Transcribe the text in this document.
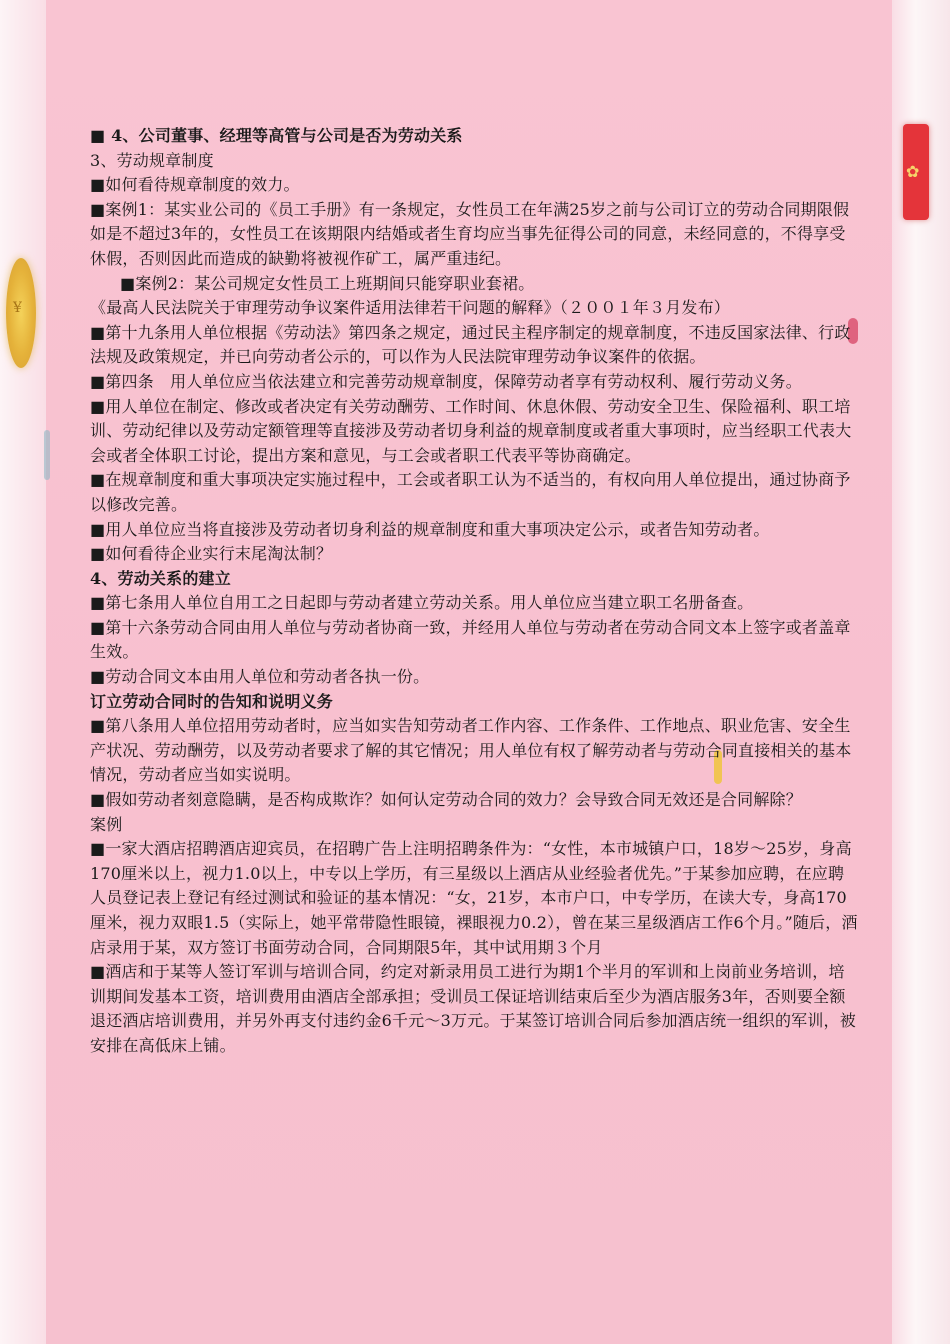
✿
¥

■ 4、公司董事、经理等高管与公司是否为劳动关系

3、劳动规章制度

■如何看待规章制度的效力。

■案例1：某实业公司的《员工手册》有一条规定，女性员工在年满25岁之前与公司订立的劳动合同期限假如是不超过3年的，女性员工在该期限内结婚或者生育均应当事先征得公司的同意，未经同意的，不得享受休假，否则因此而造成的缺勤将被视作矿工，属严重违纪。

■案例2：某公司规定女性员工上班期间只能穿职业套裙。

《最高人民法院关于审理劳动争议案件适用法律若干问题的解释》（２００１年３月发布）

■第十九条用人单位根据《劳动法》第四条之规定，通过民主程序制定的规章制度，不违反国家法律、行政法规及政策规定，并已向劳动者公示的，可以作为人民法院审理劳动争议案件的依据。

■第四条　用人单位应当依法建立和完善劳动规章制度，保障劳动者享有劳动权利、履行劳动义务。

■用人单位在制定、修改或者决定有关劳动酬劳、工作时间、休息休假、劳动安全卫生、保险福利、职工培训、劳动纪律以及劳动定额管理等直接涉及劳动者切身利益的规章制度或者重大事项时，应当经职工代表大会或者全体职工讨论，提出方案和意见，与工会或者职工代表平等协商确定。

■在规章制度和重大事项决定实施过程中，工会或者职工认为不适当的，有权向用人单位提出，通过协商予以修改完善。

■用人单位应当将直接涉及劳动者切身利益的规章制度和重大事项决定公示，或者告知劳动者。

■如何看待企业实行末尾淘汰制？

4、劳动关系的建立

■第七条用人单位自用工之日起即与劳动者建立劳动关系。用人单位应当建立职工名册备查。

■第十六条劳动合同由用人单位与劳动者协商一致，并经用人单位与劳动者在劳动合同文本上签字或者盖章生效。

■劳动合同文本由用人单位和劳动者各执一份。

订立劳动合同时的告知和说明义务

■第八条用人单位招用劳动者时，应当如实告知劳动者工作内容、工作条件、工作地点、职业危害、安全生产状况、劳动酬劳，以及劳动者要求了解的其它情况；用人单位有权了解劳动者与劳动合同直接相关的基本情况，劳动者应当如实说明。

■假如劳动者刻意隐瞒，是否构成欺诈？如何认定劳动合同的效力？会导致合同无效还是合同解除？

案例

■一家大酒店招聘酒店迎宾员，在招聘广告上注明招聘条件为：“女性，本市城镇户口，18岁～25岁，身高170厘米以上，视力1.0以上，中专以上学历，有三星级以上酒店从业经验者优先。”于某参加应聘，在应聘人员登记表上登记有经过测试和验证的基本情况：“女，21岁，本市户口，中专学历，在读大专，身高170厘米，视力双眼1.5（实际上，她平常带隐性眼镜，裸眼视力0.2），曾在某三星级酒店工作6个月。”随后，酒店录用于某，双方签订书面劳动合同，合同期限5年，其中试用期３个月

■酒店和于某等人签订军训与培训合同，约定对新录用员工进行为期1个半月的军训和上岗前业务培训，培训期间发基本工资，培训费用由酒店全部承担；受训员工保证培训结束后至少为酒店服务3年，否则要全额退还酒店培训费用，并另外再支付违约金6千元～3万元。于某签订培训合同后参加酒店统一组织的军训，被安排在高低床上铺。
